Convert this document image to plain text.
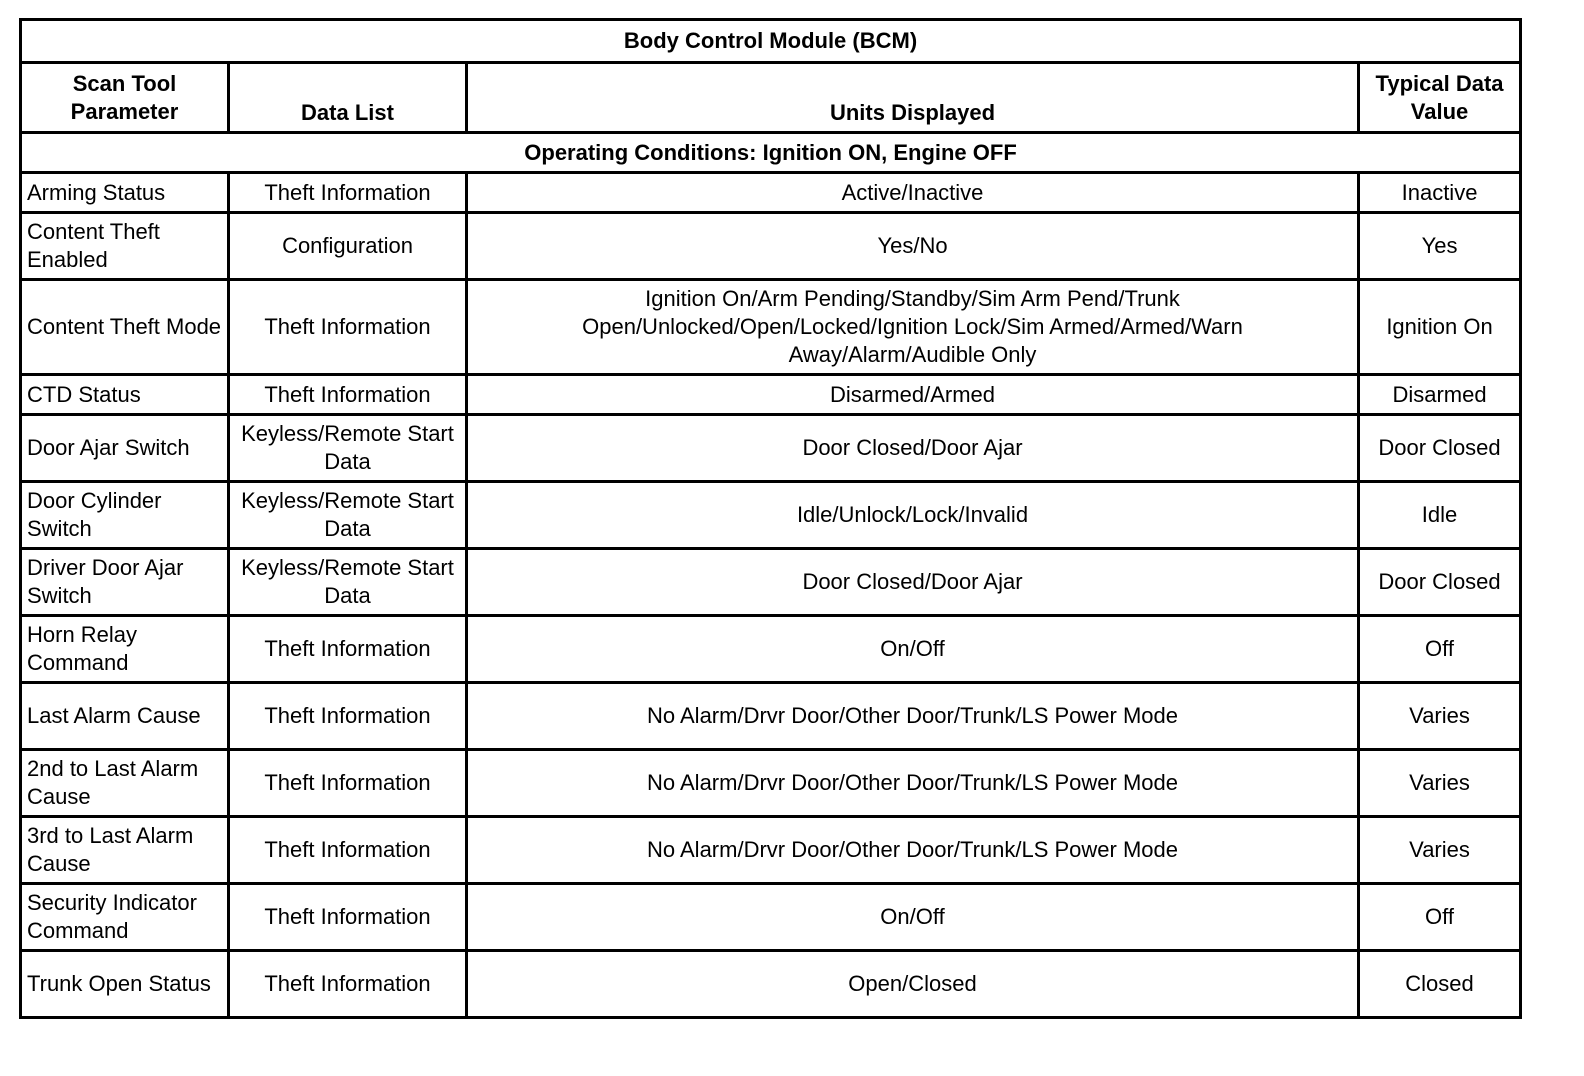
Body Control Module (BCM)			
Scan Tool Parameter	Data List	Units Displayed	Typical Data Value
Operating Conditions: Ignition ON, Engine OFF			
Arming Status	Theft Information	Active/Inactive	Inactive
Content Theft Enabled	Configuration	Yes/No	Yes
Content Theft Mode	Theft Information	Ignition On/Arm Pending/Standby/Sim Arm Pend/Trunk Open/Unlocked/Open/Locked/Ignition Lock/Sim Armed/Armed/Warn Away/Alarm/Audible Only	Ignition On
CTD Status	Theft Information	Disarmed/Armed	Disarmed
Door Ajar Switch	Keyless/Remote Start Data	Door Closed/Door Ajar	Door Closed
Door Cylinder Switch	Keyless/Remote Start Data	Idle/Unlock/Lock/Invalid	Idle
Driver Door Ajar Switch	Keyless/Remote Start Data	Door Closed/Door Ajar	Door Closed
Horn Relay Command	Theft Information	On/Off	Off
Last Alarm Cause	Theft Information	No Alarm/Drvr Door/Other Door/Trunk/LS Power Mode	Varies
2nd to Last Alarm Cause	Theft Information	No Alarm/Drvr Door/Other Door/Trunk/LS Power Mode	Varies
3rd to Last Alarm Cause	Theft Information	No Alarm/Drvr Door/Other Door/Trunk/LS Power Mode	Varies
Security Indicator Command	Theft Information	On/Off	Off
Trunk Open Status	Theft Information	Open/Closed	Closed
